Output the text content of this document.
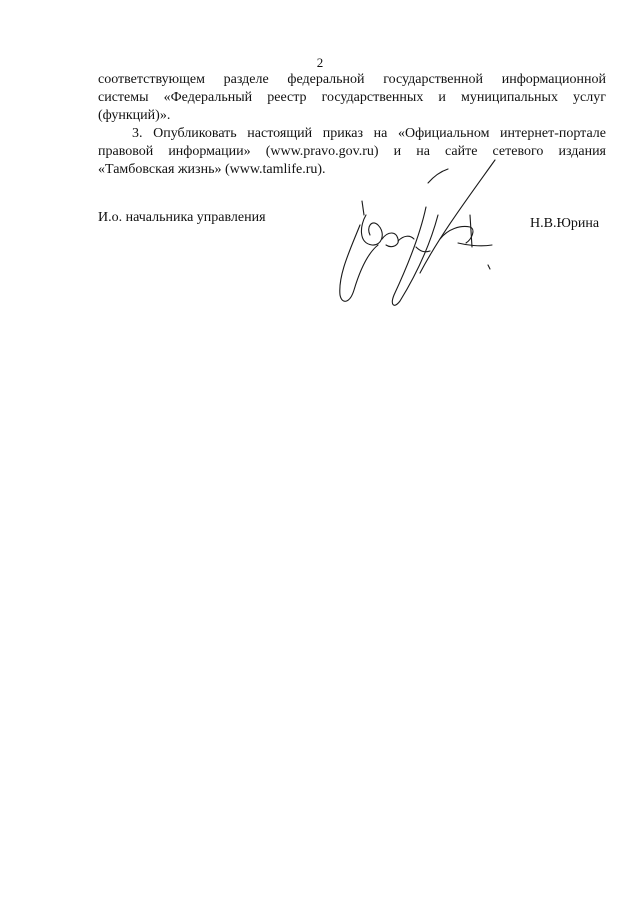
2
соответствующем разделе федеральной государственной информационной
системы «Федеральный реестр государственных и муниципальных услуг
(функций)».
3. Опубликовать настоящий приказ на «Официальном интернет-портале
правовой информации» (www.pravo.gov.ru) и на сайте сетевого издания
«Тамбовская жизнь» (www.tamlife.ru).
И.о. начальника управления	Н.В.Юрина
